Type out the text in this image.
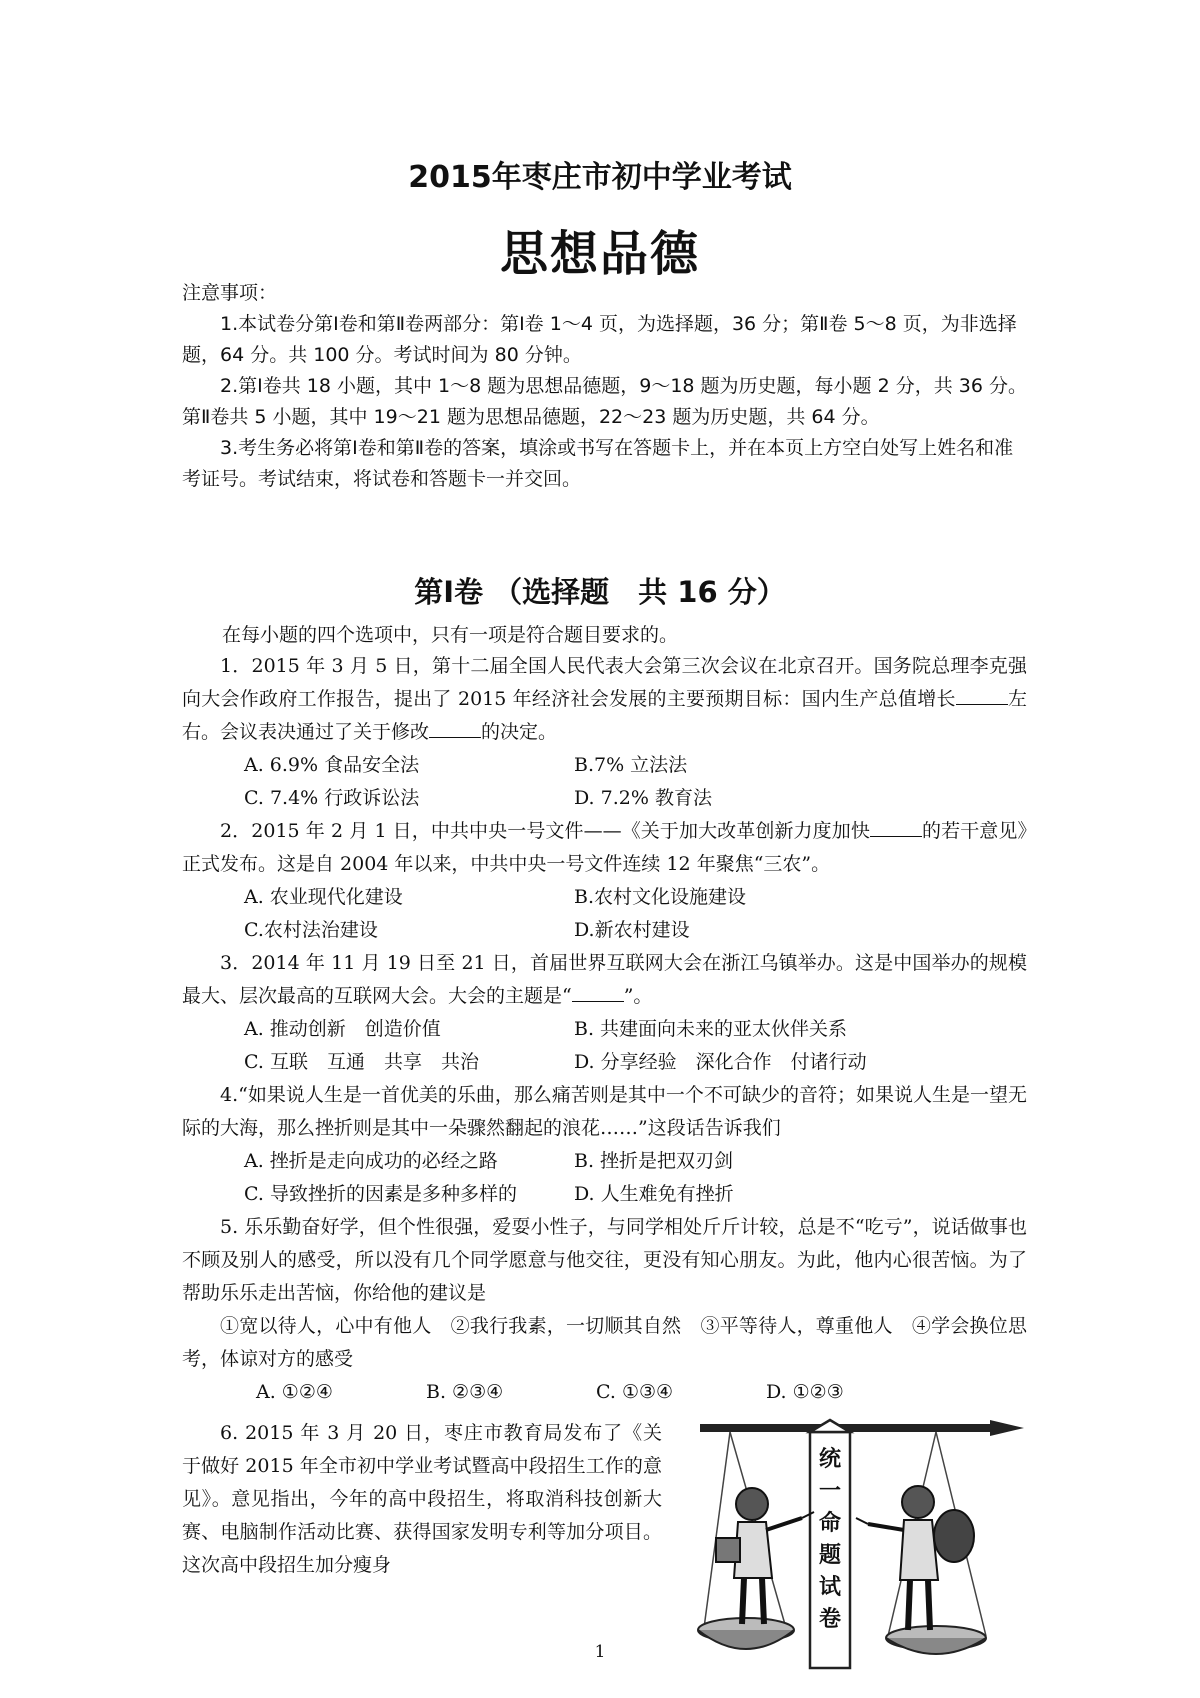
2015年枣庄市初中学业考试
思想品德

注意事项：

1.本试卷分第Ⅰ卷和第Ⅱ卷两部分：第Ⅰ卷 1～4 页，为选择题，36 分；第Ⅱ卷 5～8 页，为非选择题，64 分。共 100 分。考试时间为 80 分钟。

2.第Ⅰ卷共 18 小题，其中 1～8 题为思想品德题，9～18 题为历史题，每小题 2 分，共 36 分。第Ⅱ卷共 5 小题，其中 19～21 题为思想品德题，22～23 题为历史题，共 64 分。

3.考生务必将第Ⅰ卷和第Ⅱ卷的答案，填涂或书写在答题卡上，并在本页上方空白处写上姓名和准考证号。考试结束，将试卷和答题卡一并交回。

第Ⅰ卷 （选择题　共 16 分）
在每小题的四个选项中，只有一项是符合题目要求的。

1．2015 年 3 月 5 日，第十二届全国人民代表大会第三次会议在北京召开。国务院总理李克强向大会作政府工作报告，提出了 2015 年经济社会发展的主要预期目标：国内生产总值增长	左右。会议表决通过了关于修改	的决定。

A. 6.9% 食品安全法	B.7% 立法法
C. 7.4% 行政诉讼法	D. 7.2% 教育法

2．2015 年 2 月 1 日，中共中央一号文件——《关于加大改革创新力度加快	的若干意见》正式发布。这是自 2004 年以来，中共中央一号文件连续 12 年聚焦“三农”。

A. 农业现代化建设	B.农村文化设施建设
C.农村法治建设	D.新农村建设

3．2014 年 11 月 19 日至 21 日，首届世界互联网大会在浙江乌镇举办。这是中国举办的规模最大、层次最高的互联网大会。大会的主题是“	”。

A. 推动创新　创造价值	B. 共建面向未来的亚太伙伴关系
C. 互联　互通　共享　共治	D. 分享经验　深化合作　付诸行动

4.“如果说人生是一首优美的乐曲，那么痛苦则是其中一个不可缺少的音符；如果说人生是一望无际的大海，那么挫折则是其中一朵骤然翻起的浪花……”这段话告诉我们

A. 挫折是走向成功的必经之路	B. 挫折是把双刃剑
C. 导致挫折的因素是多种多样的	D. 人生难免有挫折

5. 乐乐勤奋好学，但个性很强，爱耍小性子，与同学相处斤斤计较，总是不“吃亏”，说话做事也不顾及别人的感受，所以没有几个同学愿意与他交往，更没有知心朋友。为此，他内心很苦恼。为了帮助乐乐走出苦恼，你给他的建议是

①宽以待人，心中有他人　②我行我素，一切顺其自然　③平等待人，尊重他人　④学会换位思考，体谅对方的感受

A. ①②④	B. ②③④	C. ①③④	D. ①②③

6. 2015 年 3 月 20 日，枣庄市教育局发布了《关于做好 2015 年全市初中学业考试暨高中段招生工作的意见》。意见指出，今年的高中段招生，将取消科技创新大赛、电脑制作活动比赛、获得国家发明专利等加分项目。这次高中段招生加分瘦身

统
一
命
题
试
卷
1
